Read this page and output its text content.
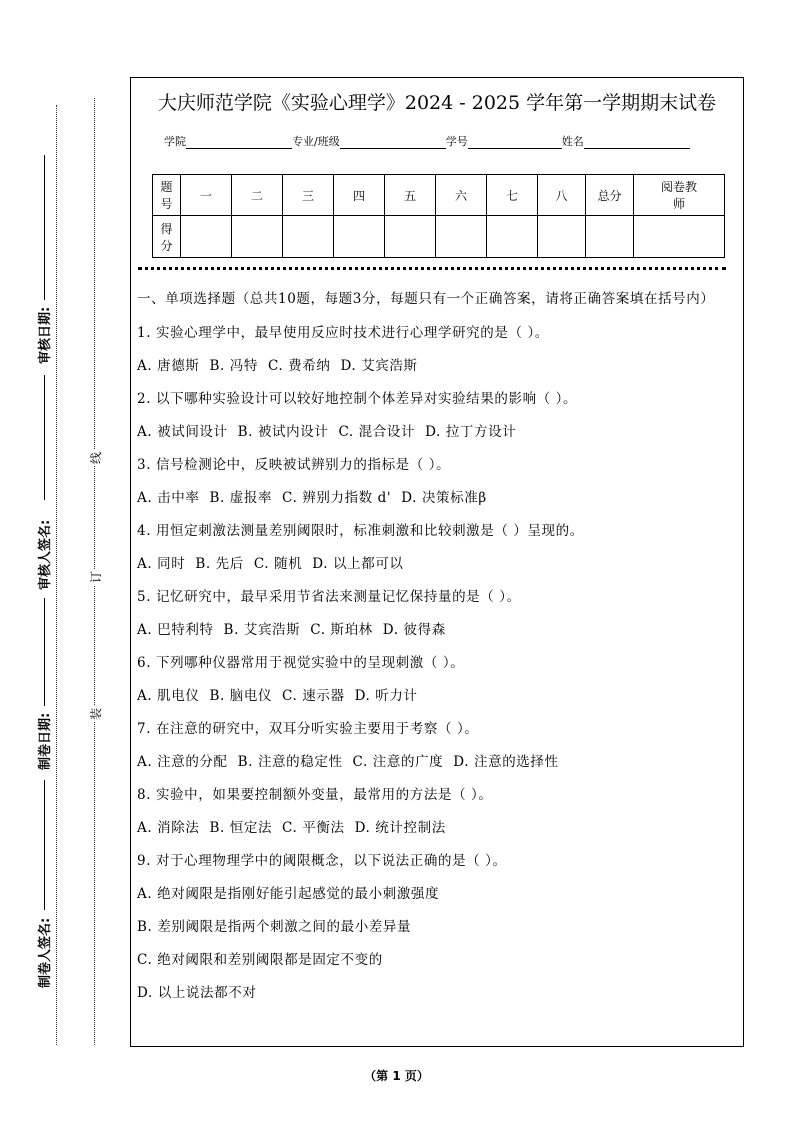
审核日期:
审核人签名:
制卷日期:
制卷人签名:
线
订
装
大庆师范学院《实验心理学》2024 - 2025 学年第一学期期末试卷
学院	专业/班级	学号	姓名
题号	一	二	三	四	五	六	七	八	总分	阅卷教师
得分										

一、单项选择题（总共10题，每题3分，每题只有一个正确答案，请将正确答案填在括号内）

1. 实验心理学中，最早使用反应时技术进行心理学研究的是（ ）。

A. 唐德斯 B. 冯特 C. 费希纳 D. 艾宾浩斯

2. 以下哪种实验设计可以较好地控制个体差异对实验结果的影响（ ）。

A. 被试间设计 B. 被试内设计 C. 混合设计 D. 拉丁方设计

3. 信号检测论中，反映被试辨别力的指标是（ ）。

A. 击中率 B. 虚报率 C. 辨别力指数 d' D. 决策标准β

4. 用恒定刺激法测量差别阈限时，标准刺激和比较刺激是（ ）呈现的。

A. 同时 B. 先后 C. 随机 D. 以上都可以

5. 记忆研究中，最早采用节省法来测量记忆保持量的是（ ）。

A. 巴特利特 B. 艾宾浩斯 C. 斯珀林 D. 彼得森

6. 下列哪种仪器常用于视觉实验中的呈现刺激（ ）。

A. 肌电仪 B. 脑电仪 C. 速示器 D. 听力计

7. 在注意的研究中，双耳分听实验主要用于考察（ ）。

A. 注意的分配 B. 注意的稳定性 C. 注意的广度 D. 注意的选择性

8. 实验中，如果要控制额外变量，最常用的方法是（ ）。

A. 消除法 B. 恒定法 C. 平衡法 D. 统计控制法

9. 对于心理物理学中的阈限概念，以下说法正确的是（ ）。

A. 绝对阈限是指刚好能引起感觉的最小刺激强度

B. 差别阈限是指两个刺激之间的最小差异量

C. 绝对阈限和差别阈限都是固定不变的

D. 以上说法都不对

（第 1 页）
